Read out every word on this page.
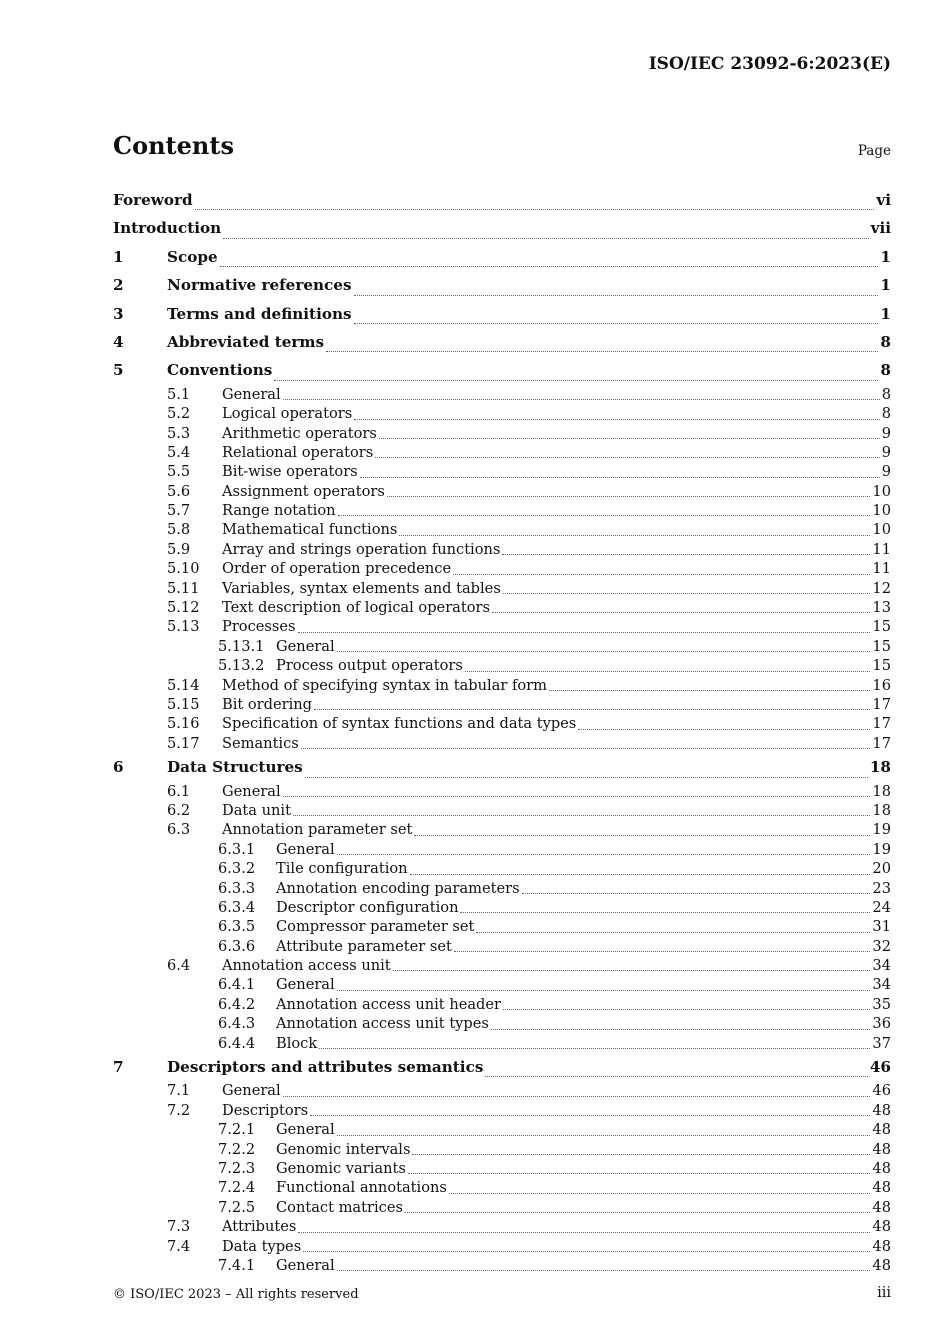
ISO/IEC 23092-6:2023(E)
Contents	Page
Foreword	vi
Introduction	vii
1	Scope	1
2	Normative references	1
3	Terms and definitions	1
4	Abbreviated terms	8
5	Conventions	8
5.1	General	8
5.2	Logical operators	8
5.3	Arithmetic operators	9
5.4	Relational operators	9
5.5	Bit-wise operators	9
5.6	Assignment operators	10
5.7	Range notation	10
5.8	Mathematical functions	10
5.9	Array and strings operation functions	11
5.10	Order of operation precedence	11
5.11	Variables, syntax elements and tables	12
5.12	Text description of logical operators	13
5.13	Processes	15
5.13.1 General	15
5.13.2 Process output operators	15
5.14	Method of specifying syntax in tabular form	16
5.15	Bit ordering	17
5.16	Specification of syntax functions and data types	17
5.17	Semantics	17
6	Data Structures	18
6.1	General	18
6.2	Data unit	18
6.3	Annotation parameter set	19
6.3.1	General	19
6.3.2	Tile configuration	20
6.3.3	Annotation encoding parameters	23
6.3.4	Descriptor configuration	24
6.3.5	Compressor parameter set	31
6.3.6	Attribute parameter set	32
6.4	Annotation access unit	34
6.4.1	General	34
6.4.2	Annotation access unit header	35
6.4.3	Annotation access unit types	36
6.4.4	Block	37
7	Descriptors and attributes semantics	46
7.1	General	46
7.2	Descriptors	48
7.2.1	General	48
7.2.2	Genomic intervals	48
7.2.3	Genomic variants	48
7.2.4	Functional annotations	48
7.2.5	Contact matrices	48
7.3	Attributes	48
7.4	Data types	48
7.4.1	General	48
© ISO/IEC 2023 – All rights reserved	iii
